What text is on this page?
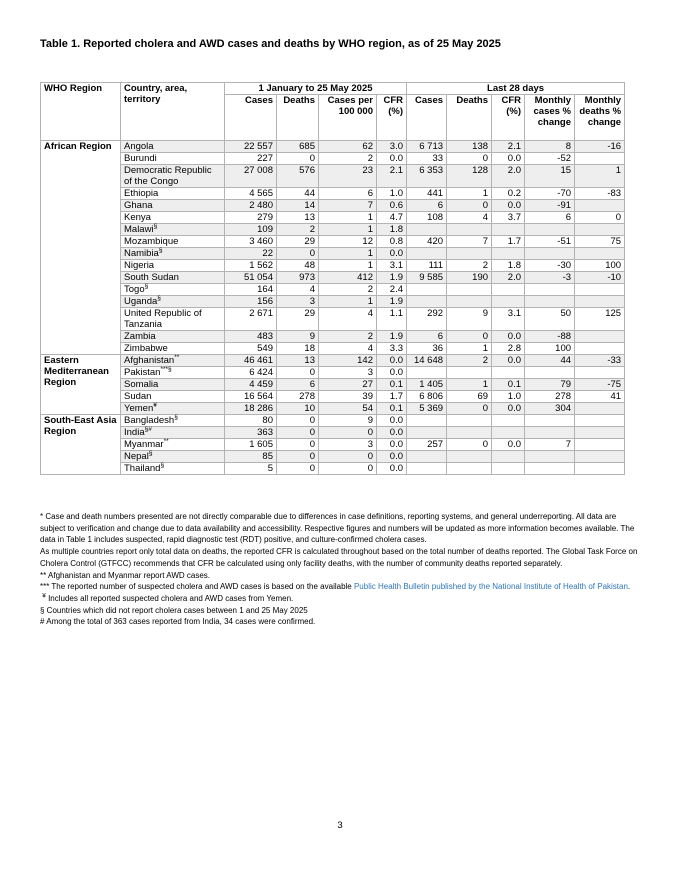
Table 1. Reported cholera and AWD cases and deaths by WHO region, as of 25 May 2025
WHO Region	Country, area, territory	1 January to 25 May 2025				Last 28 days					
		Cases	Deaths	Cases per 100 000	CFR (%)	Cases	Deaths	CFR (%)	Monthly cases % change	Monthly deaths % change	
African Region	Angola	22 557	685	62	3.0	6 713	138	2.1	8	-16	
	Burundi	227	0	2	0.0	33	0	0.0	-52		
	Democratic Republic of the Congo	27 008	576	23	2.1	6 353	128	2.0	15	1	
	Ethiopia	4 565	44	6	1.0	441	1	0.2	-70	-83	
	Ghana	2 480	14	7	0.6	6	0	0.0	-91		
	Kenya	279	13	1	4.7	108	4	3.7	6	0	
	Malawi§	109	2	1	1.8						
	Mozambique	3 460	29	12	0.8	420	7	1.7	-51	75	
	Namibia§	22	0	1	0.0						
	Nigeria	1 562	48	1	3.1	111	2	1.8	-30	100	
	South Sudan	51 054	973	412	1.9	9 585	190	2.0	-3	-10	
	Togo§	164	4	2	2.4						
	Uganda§	156	3	1	1.9						
	United Republic of Tanzania	2 671	29	4	1.1	292	9	3.1	50	125	
	Zambia	483	9	2	1.9	6	0	0.0	-88		
	Zimbabwe	549	18	4	3.3	36	1	2.8	100		
Eastern Mediterranean Region	Afghanistan**	46 461	13	142	0.0	14 648	2	0.0	44	-33	
	Pakistan***§	6 424	0	3	0.0						
	Somalia	4 459	6	27	0.1	1 405	1	0.1	79	-75	
	Sudan	16 564	278	39	1.7	6 806	69	1.0	278	41	
	Yemen¥	18 286	10	54	0.1	5 369	0	0.0	304		
South-East Asia Region	Bangladesh§	80	0	9	0.0						
	India§#	363	0	0	0.0						
	Myanmar**	1 605	0	3	0.0	257	0	0.0	7		
	Nepal§	85	0	0	0.0						
	Thailand§	5	0	0	0.0						

* Case and death numbers presented are not directly comparable due to differences in case definitions, reporting systems, and general underreporting. All data are subject to verification and change due to data availability and accessibility. Respective figures and numbers will be updated as more information becomes available. The data in Table 1 includes suspected, rapid diagnostic test (RDT) positive, and culture-confirmed cholera cases.

As multiple countries report only total data on deaths, the reported CFR is calculated throughout based on the total number of deaths reported. The Global Task Force on Cholera Control (GTFCC) recommends that CFR be calculated using only facility deaths, with the number of community deaths reported separately.

** Afghanistan and Myanmar report AWD cases.

*** The reported number of suspected cholera and AWD cases is based on the available Public Health Bulletin published by the National Institute of Health of Pakistan.

¥ Includes all reported suspected cholera and AWD cases from Yemen.

§ Countries which did not report cholera cases between 1 and 25 May 2025

# Among the total of 363 cases reported from India, 34 cases were confirmed.

3
